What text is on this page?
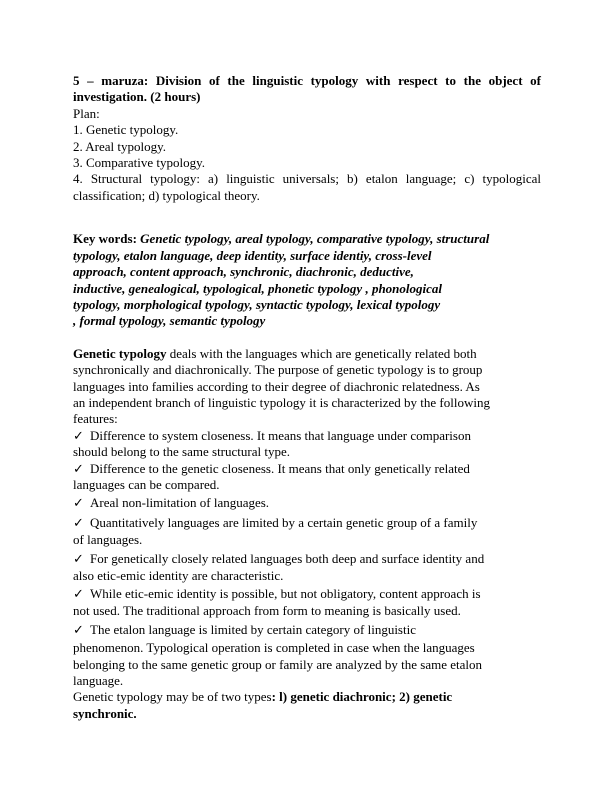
5 – maruza: Division of the linguistic typology with respect to the object of
investigation. (2 hours)
Plan:
1. Genetic typology.
2. Areal typology.
3. Comparative typology.
4. Structural typology: a) linguistic universals; b) etalon language; c) typological
classification; d) typological theory.
Key words: Genetic typology, areal typology, comparative typology, structural
typology, etalon language, deep identity, surface identiy, cross-level
approach, content approach, synchronic, diachronic, deductive,
inductive, genealogical, typological, phonetic typology , phonological
typology, morphological typology, syntactic typology, lexical typology
, formal typology, semantic typology
Genetic typology deals with the languages which are genetically related both
synchronically and diachronically. The purpose of genetic typology is to group
languages into families according to their degree of diachronic relatedness. As
an independent branch of linguistic typology it is characterized by the following
features:
✓ Difference to system closeness. It means that language under comparison
should belong to the same structural type.
✓ Difference to the genetic closeness. It means that only genetically related
languages can be compared.
✓ Areal non-limitation of languages.
✓ Quantitatively languages are limited by a certain genetic group of a family
of languages.
✓ For genetically closely related languages both deep and surface identity and
also etic-emic identity are characteristic.
✓ While etic-emic identity is possible, but not obligatory, content approach is
not used. The traditional approach from form to meaning is basically used.
✓ The etalon language is limited by certain category of linguistic
phenomenon. Typological operation is completed in case when the languages
belonging to the same genetic group or family are analyzed by the same etalon
language.
Genetic typology may be of two types: l) genetic diachronic; 2) genetic
synchronic.
